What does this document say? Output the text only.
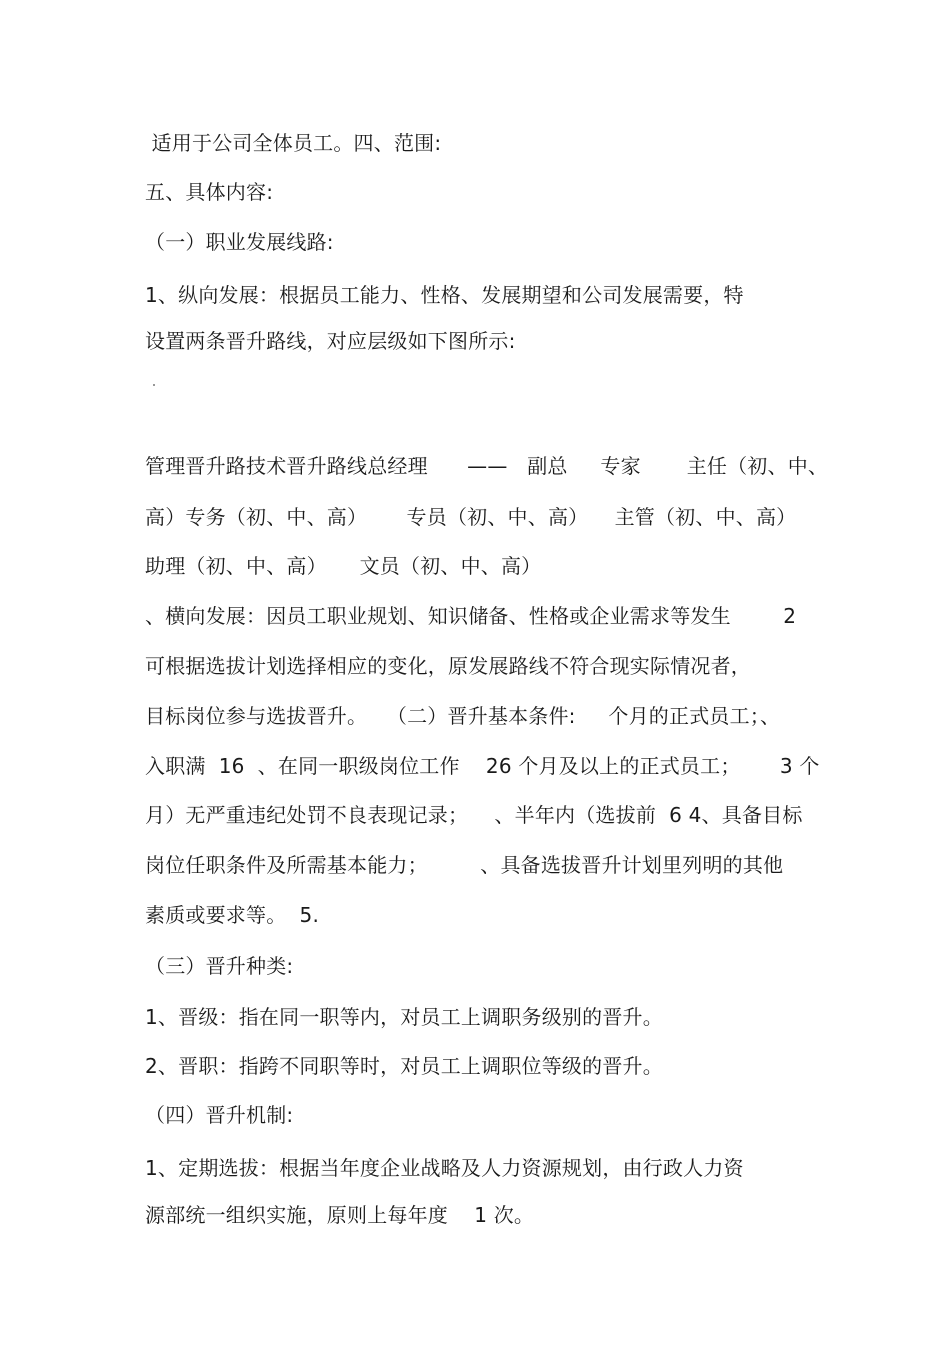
适用于公司全体员工。四、范围:
五、具体内容:
（一）职业发展线路:
1、纵向发展：根据员工能力、性格、发展期望和公司发展需要，特
设置两条晋升路线，对应层级如下图所示:
管理晋升路技术晋升路线总经理      ——   副总     专家       主任（初、中、
高）专务（初、中、高）      专员（初、中、高）    主管（初、中、高）
助理（初、中、高）     文员（初、中、高）
、横向发展：因员工职业规划、知识储备、性格或企业需求等发生        2
可根据选拔计划选择相应的变化，原发展路线不符合现实际情况者，
目标岗位参与选拔晋升。   （二）晋升基本条件:     个月的正式员工；、
入职满  16  、在同一职级岗位工作    26 个月及以上的正式员工；      3 个
月）无严重违纪处罚不良表现记录；    、半年内（选拔前  6 4、具备目标
岗位任职条件及所需基本能力；        、具备选拔晋升计划里列明的其他
素质或要求等。  5.
（三）晋升种类:
1、晋级：指在同一职等内，对员工上调职务级别的晋升。
2、晋职：指跨不同职等时，对员工上调职位等级的晋升。
（四）晋升机制:
1、定期选拔：根据当年度企业战略及人力资源规划，由行政人力资
源部统一组织实施，原则上每年度    1 次。
